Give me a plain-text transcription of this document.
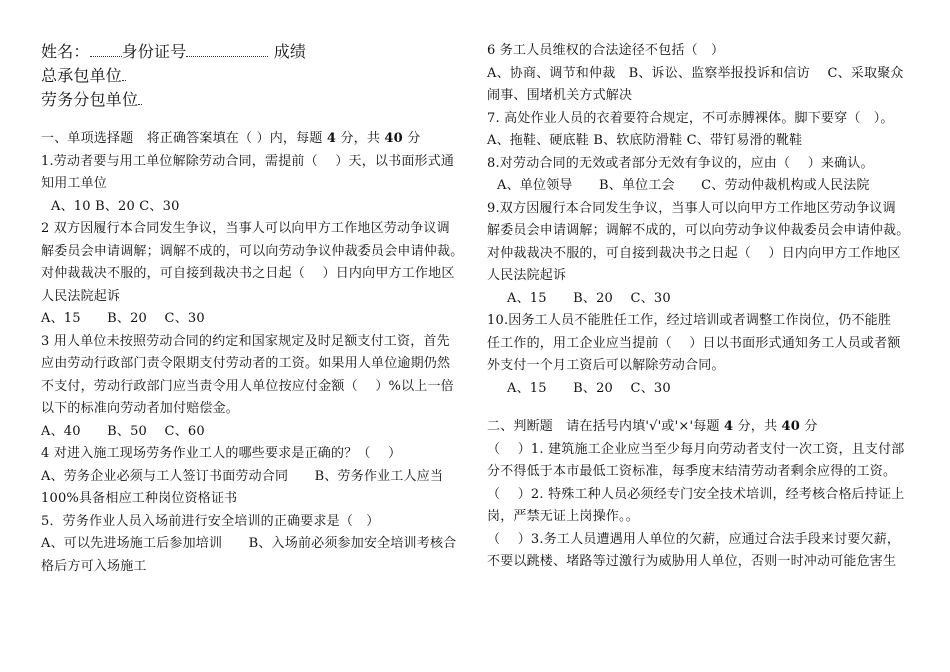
姓名： 身份证号	成绩
总承包单位
劳务分包单位
一、单项选择题　将正确答案填在（ ）内，每题 4 分，共 40 分
1.劳动者要与用工单位解除劳动合同，需提前（　 ）天，以书面形式通
知用工单位
A、10 B、20 C、30
2 双方因履行本合同发生争议，当事人可以向甲方工作地区劳动争议调
解委员会申请调解；调解不成的，可以向劳动争议仲裁委员会申请仲裁。
对仲裁裁决不服的，可自接到裁决书之日起（　 ）日内向甲方工作地区
人民法院起诉
A、15　　B、20　 C、30
3 用人单位未按照劳动合同的约定和国家规定及时足额支付工资，首先
应由劳动行政部门责令限期支付劳动者的工资。如果用人单位逾期仍然
不支付，劳动行政部门应当责令用人单位按应付金额（　 ）%以上一倍
以下的标准向劳动者加付赔偿金。
A、40　　B、50　 C、60
4 对进入施工现场劳务作业工人的哪些要求是正确的？（　 ）
A、劳务企业必须与工人签订书面劳动合同　　B、劳务作业工人应当
100%具备相应工种岗位资格证书
5．劳务作业人员入场前进行安全培训的正确要求是（　）
A、可以先进场施工后参加培训　　B、入场前必须参加安全培训考核合
格后方可入场施工
6 务工人员维权的合法途径不包括（　）
A、协商、调节和仲裁　B、诉讼、监察举报投诉和信访　 C、采取聚众
闹事、围堵机关方式解决
7. 高处作业人员的衣着要符合规定，不可赤膊裸体。脚下要穿（　）。
A、拖鞋、硬底鞋 B、软底防滑鞋 C、带钉易滑的靴鞋
8.对劳动合同的无效或者部分无效有争议的，应由（　 ）来确认。
A、单位领导　　B、单位工会　　C、劳动仲裁机构或人民法院
9.双方因履行本合同发生争议，当事人可以向甲方工作地区劳动争议调
解委员会申请调解；调解不成的，可以向劳动争议仲裁委员会申请仲裁。
对仲裁裁决不服的，可自接到裁决书之日起（　 ）日内向甲方工作地区
人民法院起诉
A、15　　B、20　 C、30
10.因务工人员不能胜任工作，经过培训或者调整工作岗位，仍不能胜
任工作的，用工企业应当提前（　 ）日以书面形式通知务工人员或者额
外支付一个月工资后可以解除劳动合同。
A、15　　B、20　 C、30
二、判断题　请在括号内填'√'或'×'每题 4 分，共 40 分
（　 ）1. 建筑施工企业应当至少每月向劳动者支付一次工资，且支付部
分不得低于本市最低工资标准，每季度末结清劳动者剩余应得的工资。
（　 ）2. 特殊工种人员必须经专门安全技术培训，经考核合格后持证上
岗，严禁无证上岗操作。。
（　 ）3.务工人员遭遇用人单位的欠薪，应通过合法手段来讨要欠薪，
不要以跳楼、堵路等过激行为威胁用人单位，否则一时冲动可能危害生
